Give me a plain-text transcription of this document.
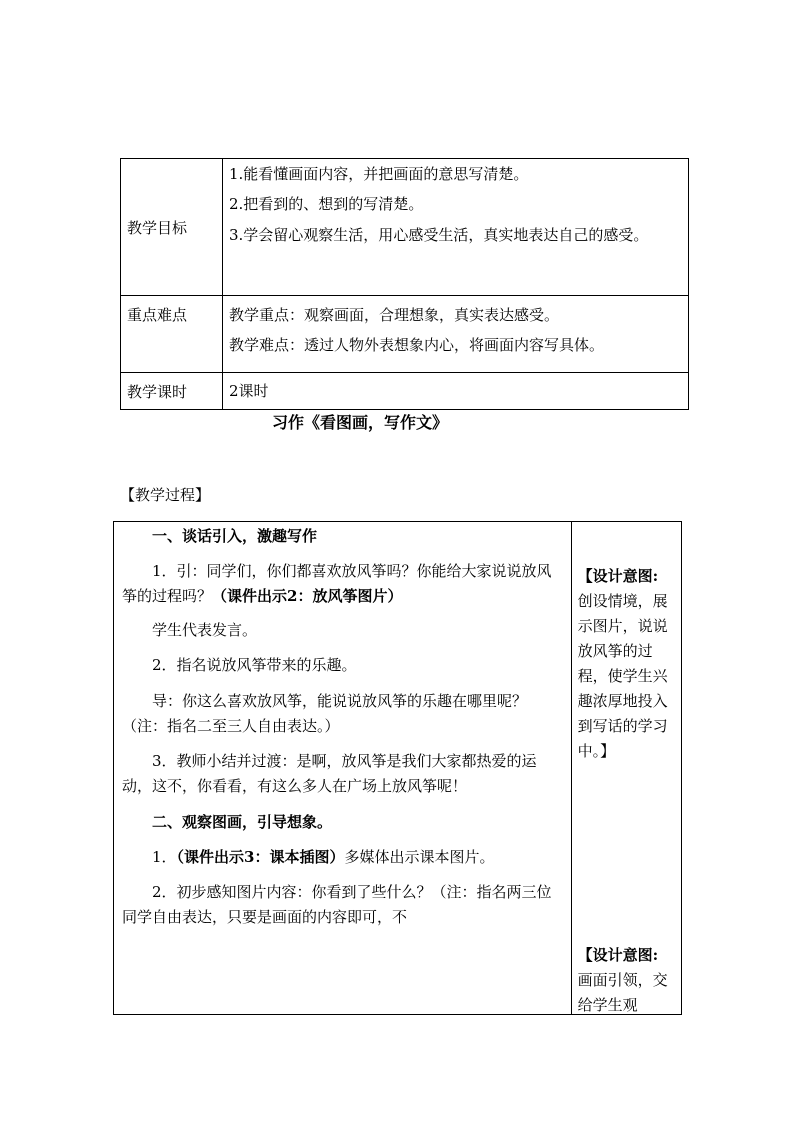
教学目标	1.能看懂画面内容，并把画面的意思写清楚。

2.把看到的、想到的写清楚。

3.学会留心观察生活，用心感受生活，真实地表达自己的感受。

重点难点	教学重点：观察画面，合理想象，真实表达感受。

教学难点：透过人物外表想象内心，将画面内容写具体。

教学课时	2课时

习作《看图画，写作文》
【教学过程】

一、谈话引入，激趣写作

1．引：同学们，你们都喜欢放风筝吗？你能给大家说说放风筝的过程吗？（课件出示2：放风筝图片）

学生代表发言。

2．指名说放风筝带来的乐趣。

导：你这么喜欢放风筝，能说说放风筝的乐趣在哪里呢？（注：指名二至三人自由表达。）

3．教师小结并过渡：是啊，放风筝是我们大家都热爱的运动，这不，你看看，有这么多人在广场上放风筝呢！

二、观察图画，引导想象。

1．（课件出示3：课本插图）多媒体出示课本图片。

2．初步感知图片内容：你看到了些什么？（注：指名两三位同学自由表达，只要是画面的内容即可，不

【设计意图:

创设情境，展示图片，说说放风筝的过程，使学生兴趣浓厚地投入到写话的学习中。】

【设计意图:

画面引领，交给学生观
